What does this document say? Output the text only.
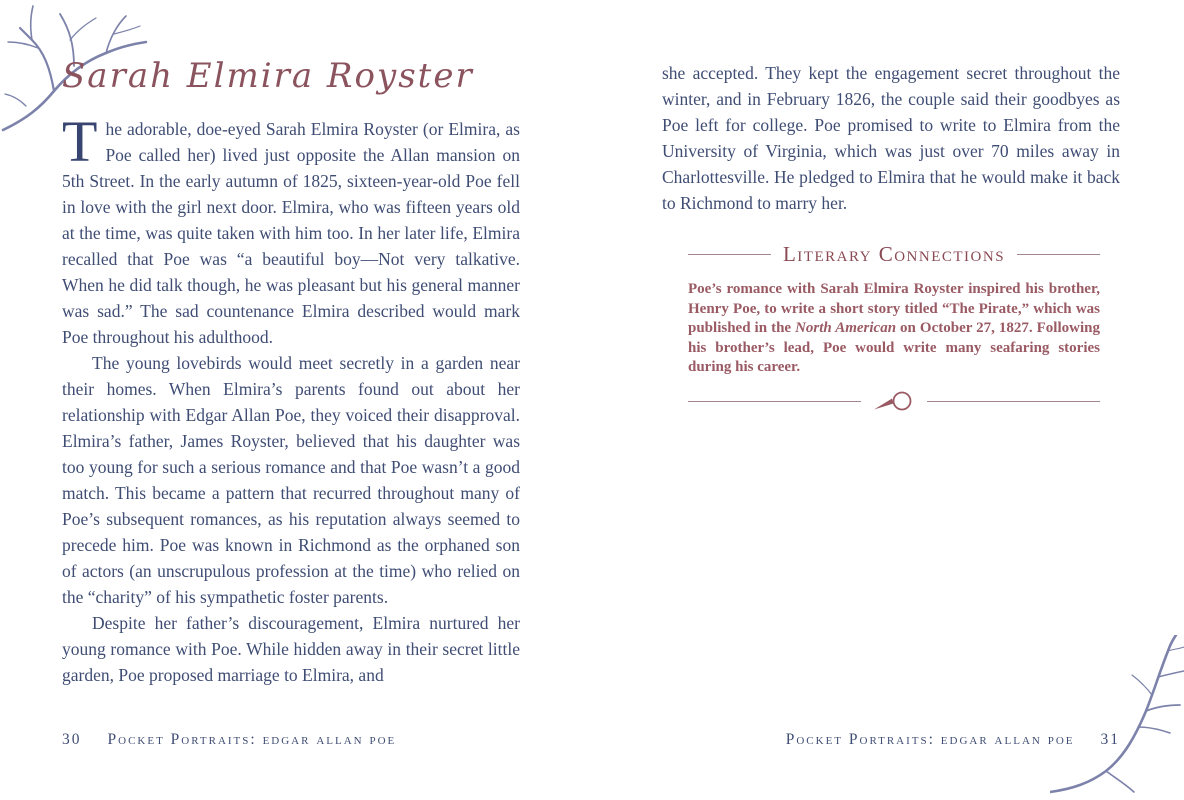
Sarah Elmira Royster

The adorable, doe-eyed Sarah Elmira Royster (or Elmira, as Poe called her) lived just opposite the Allan mansion on 5th Street. In the early autumn of 1825, sixteen-year-old Poe fell in love with the girl next door. Elmira, who was fifteen years old at the time, was quite taken with him too. In her later life, Elmira recalled that Poe was “a beautiful boy—Not very talkative. When he did talk though, he was pleasant but his general manner was sad.” The sad countenance Elmira described would mark Poe throughout his adulthood.

The young lovebirds would meet secretly in a garden near their homes. When Elmira’s parents found out about her relationship with Edgar Allan Poe, they voiced their disapproval. Elmira’s father, James Royster, believed that his daughter was too young for such a serious romance and that Poe wasn’t a good match. This became a pattern that recurred throughout many of Poe’s subsequent romances, as his reputation always seemed to precede him. Poe was known in Richmond as the orphaned son of actors (an unscrupulous profession at the time) who relied on the “charity” of his sympathetic foster parents.

Despite her father’s discouragement, Elmira nurtured her young romance with Poe. While hidden away in their secret little garden, Poe proposed marriage to Elmira, and

30 Pocket Portraits: edgar allan poe

she accepted. They kept the engagement secret throughout the winter, and in February 1826, the couple said their goodbyes as Poe left for college. Poe promised to write to Elmira from the University of Virginia, which was just over 70 miles away in Charlottesville. He pledged to Elmira that he would make it back to Richmond to marry her.

Literary Connections
Poe’s romance with Sarah Elmira Royster inspired his brother, Henry Poe, to write a short story titled “The Pirate,” which was published in the North American on October 27, 1827. Following his brother’s lead, Poe would write many seafaring stories during his career.
Pocket Portraits: edgar allan poe 31
